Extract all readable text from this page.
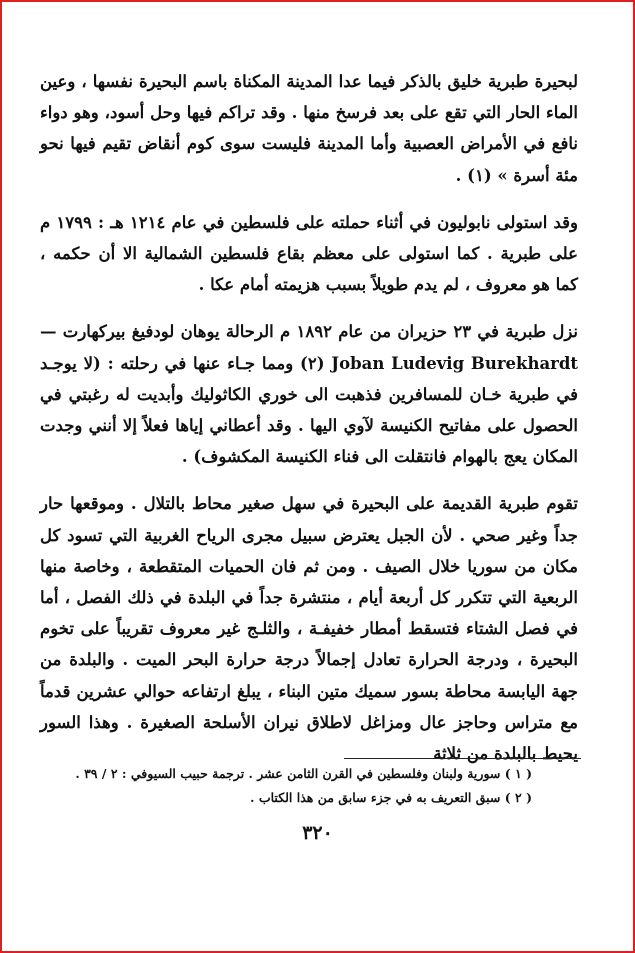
لبحيرة طبرية خليق بالذكر فيما عدا المدينة المكناة باسم البحيرة نفسها ، وعين الماء الحار التي تقع على بعد فرسخ منها . وقد تراكم فيها وحل أسود، وهو دواء نافع في الأمراض العصبية وأما المدينة فليست سوى كوم أنقاض تقيم فيها نحو مئة أسرة » (١) .

وقد استولى نابوليون في أثناء حملته على فلسطين في عام ١٢١٤ هـ : ١٧٩٩ م على طبرية . كما استولى على معظم بقاع فلسطين الشمالية الا أن حكمه ، كما هو معروف ، لم يدم طويلاً بسبب هزيمته أمام عكا .

نزل طبرية في ٢٣ حزيران من عام ١٨٩٢ م الرحالة يوهان لودفيغ بيركهارت — Joban Ludevig Burekhardt (٢) ومما جـاء عنها في رحلته : (لا يوجـد في طبرية خـان للمسافرين فذهبت الى خوري الكاثوليك وأبديت له رغبتي في الحصول على مفاتيح الكنيسة لآوي اليها . وقد أعطاني إياها فعلاً إلا أنني وجدت المكان يعج بالهوام فانتقلت الى فناء الكنيسة المكشوف) .

تقوم طبرية القديمة على البحيرة في سهل صغير محاط بالتلال . وموقعها حار جداً وغير صحي . لأن الجبل يعترض سبيل مجرى الرياح الغربية التي تسود كل مكان من سوريا خلال الصيف . ومن ثم فان الحميات المتقطعة ، وخاصة منها الربعية التي تتكرر كل أربعة أيام ، منتشرة جداً في البلدة في ذلك الفصل ، أما في فصل الشتاء فتسقط أمطار خفيفـة ، والثلـج غير معروف تقريباً على تخوم البحيرة ، ودرجة الحرارة تعادل إجمالاً درجة حرارة البحر الميت . والبلدة من جهة اليابسة محاطة بسور سميك متين البناء ، يبلغ ارتفاعه حوالي عشرين قدماً مع متراس وحاجز عال ومزاغل لاطلاق نيران الأسلحة الصغيرة . وهذا السور يحيط بالبلدة من ثلاثة

( ١ ) سورية ولبنان وفلسطين في القرن الثامن عشر . ترجمة حبيب السيوفي : ٢ / ٣٩ .

( ٢ ) سبق التعريف به في جزء سابق من هذا الكتاب .

٣٢٠
